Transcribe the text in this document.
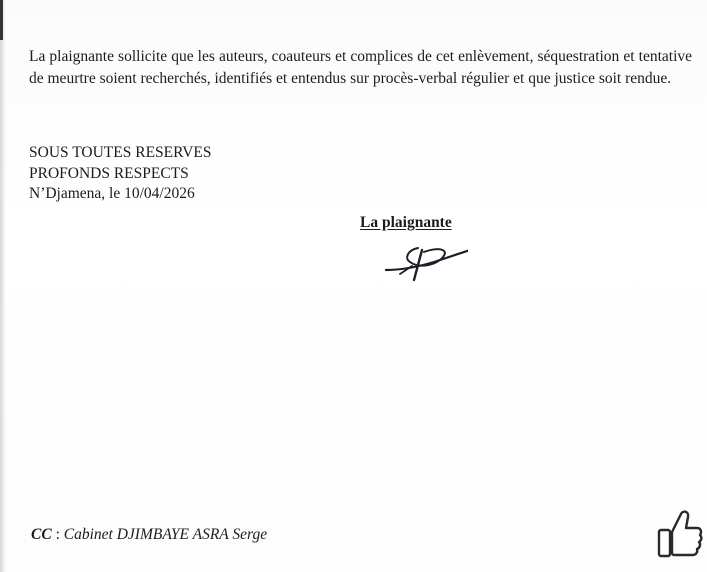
La plaignante sollicite que les auteurs, coauteurs et complices de cet enlèvement, séquestration et tentative de meurtre soient recherchés, identifiés et entendus sur procès-verbal régulier et que justice soit rendue.

SOUS TOUTES RESERVES
PROFONDS RESPECTS
N’Djamena, le 10/04/2026
La plaignante
CC : Cabinet DJIMBAYE ASRA Serge
